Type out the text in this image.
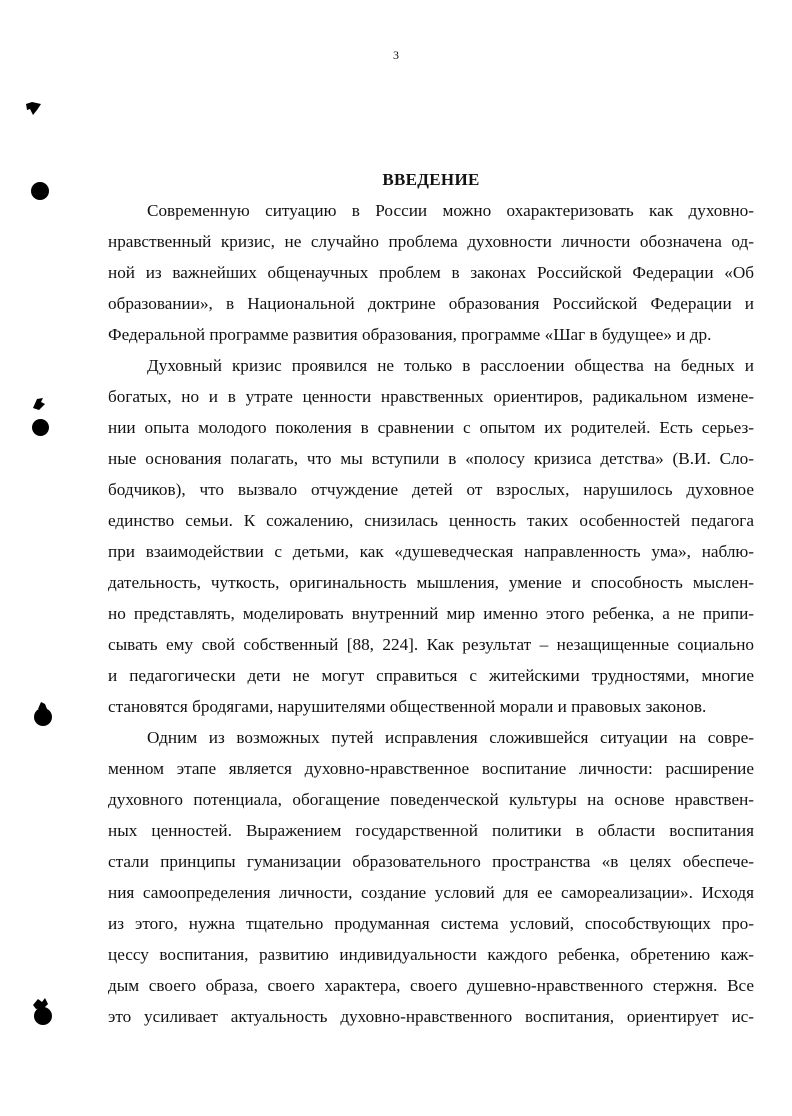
3
ВВЕДЕНИЕ
Современную ситуацию в России можно охарактеризовать как духовно-
нравственный кризис, не случайно проблема духовности личности обозначена од-
ной из важнейших общенаучных проблем в законах Российской Федерации «Об
образовании», в Национальной доктрине образования Российской Федерации и
Федеральной программе развития образования, программе «Шаг в будущее» и др.
Духовный кризис проявился не только в расслоении общества на бедных и
богатых, но и в утрате ценности нравственных ориентиров, радикальном измене-
нии опыта молодого поколения в сравнении с опытом их родителей. Есть серьез-
ные основания полагать, что мы вступили в «полосу кризиса детства» (В.И. Сло-
бодчиков), что вызвало отчуждение детей от взрослых, нарушилось духовное
единство семьи. К сожалению, снизилась ценность таких особенностей педагога
при взаимодействии с детьми, как «душеведческая направленность ума», наблю-
дательность, чуткость, оригинальность мышления, умение и способность мыслен-
но представлять, моделировать внутренний мир именно этого ребенка, а не припи-
сывать ему свой собственный [88, 224]. Как результат – незащищенные социально
и педагогически дети не могут справиться с житейскими трудностями, многие
становятся бродягами, нарушителями общественной морали и правовых законов.
Одним из возможных путей исправления сложившейся ситуации на совре-
менном этапе является духовно-нравственное воспитание личности: расширение
духовного потенциала, обогащение поведенческой культуры на основе нравствен-
ных ценностей. Выражением государственной политики в области воспитания
стали принципы гуманизации образовательного пространства «в целях обеспече-
ния самоопределения личности, создание условий для ее самореализации». Исходя
из этого, нужна тщательно продуманная система условий, способствующих про-
цессу воспитания, развитию индивидуальности каждого ребенка, обретению каж-
дым своего образа, своего характера, своего душевно-нравственного стержня. Все
это усиливает актуальность духовно-нравственного воспитания, ориентирует ис-
